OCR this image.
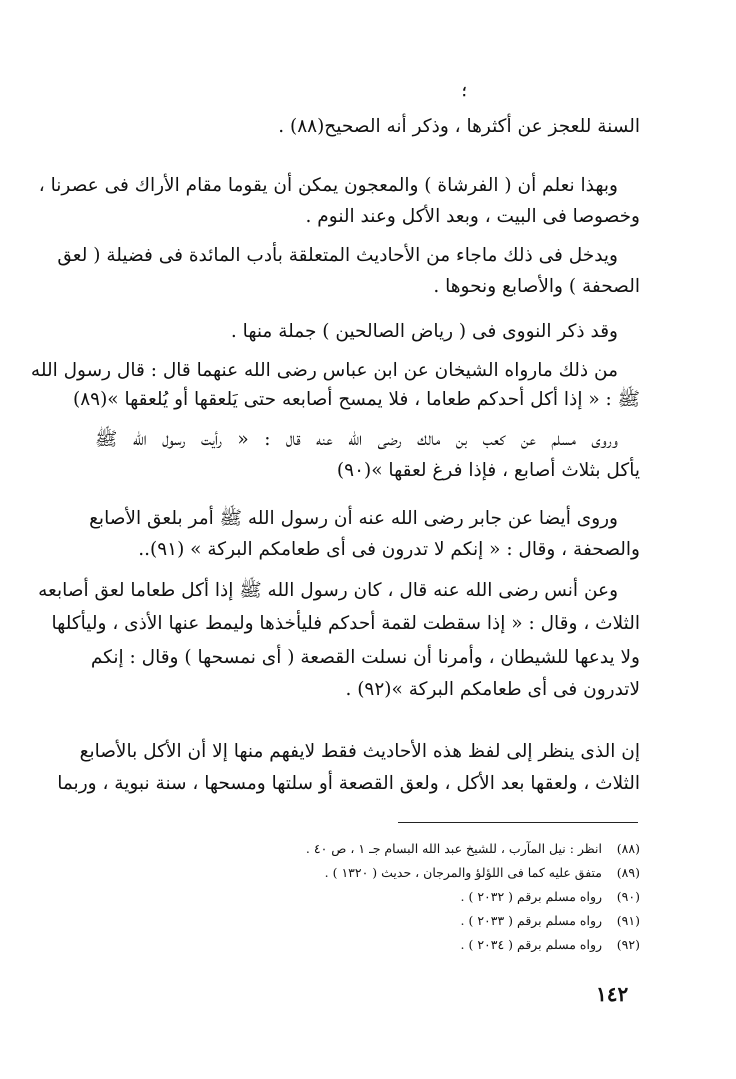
؛
السنة للعجز عن أكثرها ، وذكر أنه الصحيح(٨٨) .
وبهذا نعلم أن ( الفرشاة ) والمعجون يمكن أن يقوما مقام الأراك فى عصرنا ،
وخصوصا فى البيت ، وبعد الأكل وعند النوم .
ويدخل فى ذلك ماجاء من الأحاديث المتعلقة بأدب المائدة فى فضيلة ( لعق
الصحفة ) والأصابع ونحوها .
وقد ذكر النووى فى ( رياض الصالحين ) جملة منها .
من ذلك مارواه الشيخان عن ابن عباس رضى الله عنهما قال : قال رسول الله
ﷺ : « إذا أكل أحدكم طعاما ، فلا يمسح أصابعه حتى يَلعقها أو يُلعقها »(٨٩)
وروى مسلم عن كعب بن مالك رضى الله عنه قال : « رأيت رسول الله ﷺ
يأكل بثلاث أصابع ، فإذا فرغ لعقها »(٩٠)
وروى أيضا عن جابر رضى الله عنه أن رسول الله ﷺ أمر بلعق الأصابع
والصحفة ، وقال : « إنكم لا تدرون فى أى طعامكم البركة » (٩١)..
وعن أنس رضى الله عنه قال ، كان رسول الله ﷺ إذا أكل طعاما لعق أصابعه
الثلاث ، وقال : « إذا سقطت لقمة أحدكم فليأخذها وليمط عنها الأذى ، وليأكلها
ولا يدعها للشيطان ، وأمرنا أن نسلت القصعة ( أى نمسحها ) وقال : إنكم
لاتدرون فى أى طعامكم البركة »(٩٢) .
إن الذى ينظر إلى لفظ هذه الأحاديث فقط لايفهم منها إلا أن الأكل بالأصابع
الثلاث ، ولعقها بعد الأكل ، ولعق القصعة أو سلتها ومسحها ، سنة نبوية ، وربما
(٨٨) انظر : نيل المآرب ، للشيخ عبد الله البسام جـ ١ ، ص ٤٠ .
(٨٩) متفق عليه كما فى اللؤلؤ والمرجان ، حديث ( ١٣٢٠ ) .
(٩٠) رواه مسلم برقم ( ٢٠٣٢ ) .
(٩١) رواه مسلم برقم ( ٢٠٣٣ ) .
(٩٢) رواه مسلم برقم ( ٢٠٣٤ ) .
١٤٢
